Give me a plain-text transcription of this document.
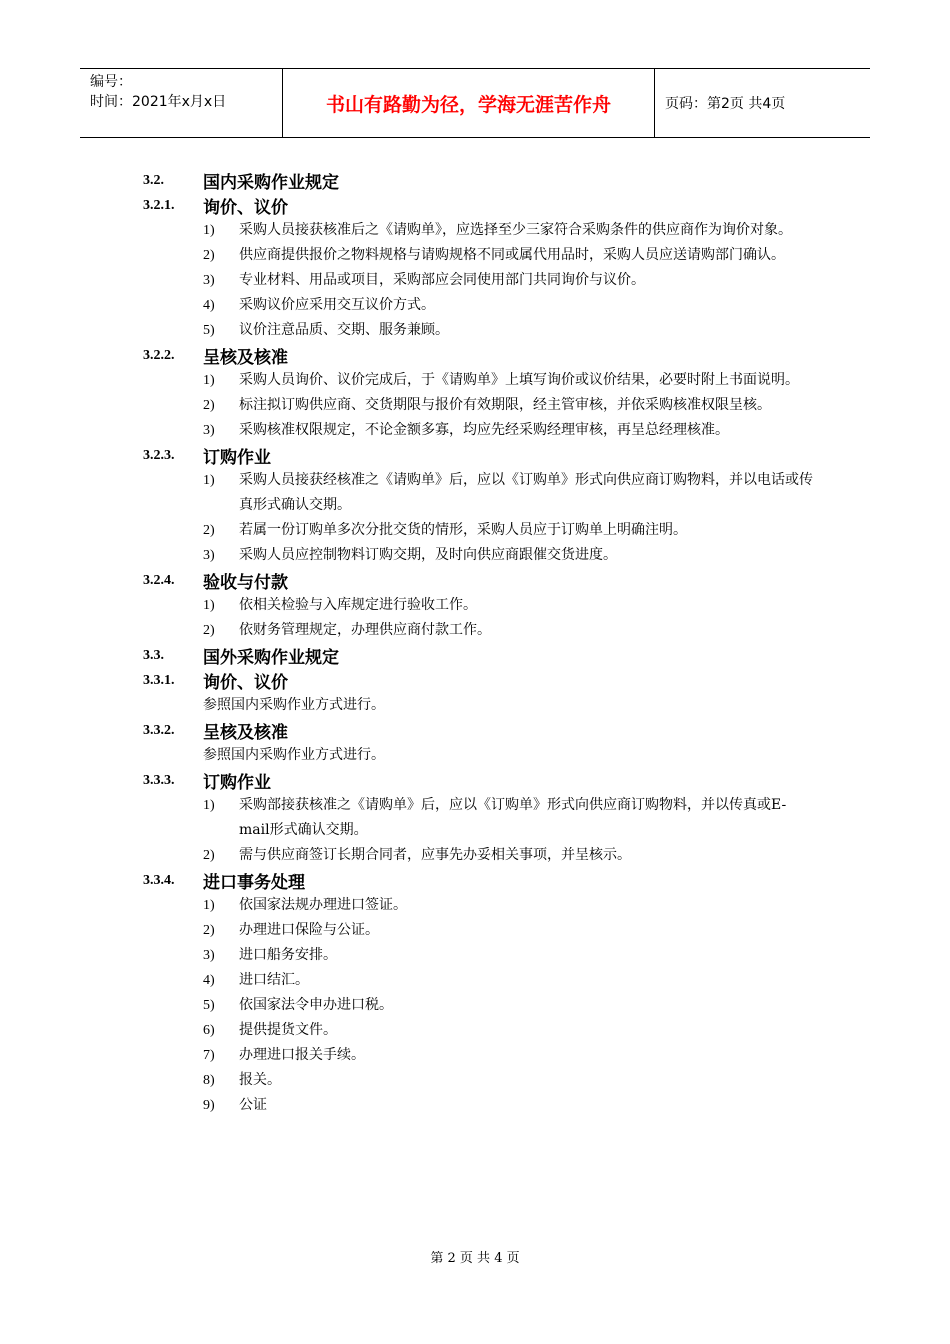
编号：
时间：2021年x月x日	书山有路勤为径，学海无涯苦作舟	页码：第2页 共4页
3.2.	国内采购作业规定
3.2.1.	询价、议价
1)	采购人员接获核准后之《请购单》，应选择至少三家符合采购条件的供应商作为询价对象。
2)	供应商提供报价之物料规格与请购规格不同或属代用品时，采购人员应送请购部门确认。
3)	专业材料、用品或项目，采购部应会同使用部门共同询价与议价。
4)	采购议价应采用交互议价方式。
5)	议价注意品质、交期、服务兼顾。
3.2.2.	呈核及核准
1)	采购人员询价、议价完成后，于《请购单》上填写询价或议价结果，必要时附上书面说明。
2)	标注拟订购供应商、交货期限与报价有效期限，经主管审核，并依采购核准权限呈核。
3)	采购核准权限规定，不论金额多寡，均应先经采购经理审核，再呈总经理核准。
3.2.3.	订购作业
1)	采购人员接获经核准之《请购单》后，应以《订购单》形式向供应商订购物料，并以电话或传真形式确认交期。
2)	若属一份订购单多次分批交货的情形，采购人员应于订购单上明确注明。
3)	采购人员应控制物料订购交期，及时向供应商跟催交货进度。
3.2.4.	验收与付款
1)	依相关检验与入库规定进行验收工作。
2)	依财务管理规定，办理供应商付款工作。
3.3.	国外采购作业规定
3.3.1.	询价、议价
参照国内采购作业方式进行。
3.3.2.	呈核及核准
参照国内采购作业方式进行。
3.3.3.	订购作业
1)	采购部接获核准之《请购单》后，应以《订购单》形式向供应商订购物料，并以传真或E-mail形式确认交期。
2)	需与供应商签订长期合同者，应事先办妥相关事项，并呈核示。
3.3.4.	进口事务处理
1)	依国家法规办理进口签证。
2)	办理进口保险与公证。
3)	进口船务安排。
4)	进口结汇。
5)	依国家法令申办进口税。
6)	提供提货文件。
7)	办理进口报关手续。
8)	报关。
9)	公证
第 2 页 共 4 页
